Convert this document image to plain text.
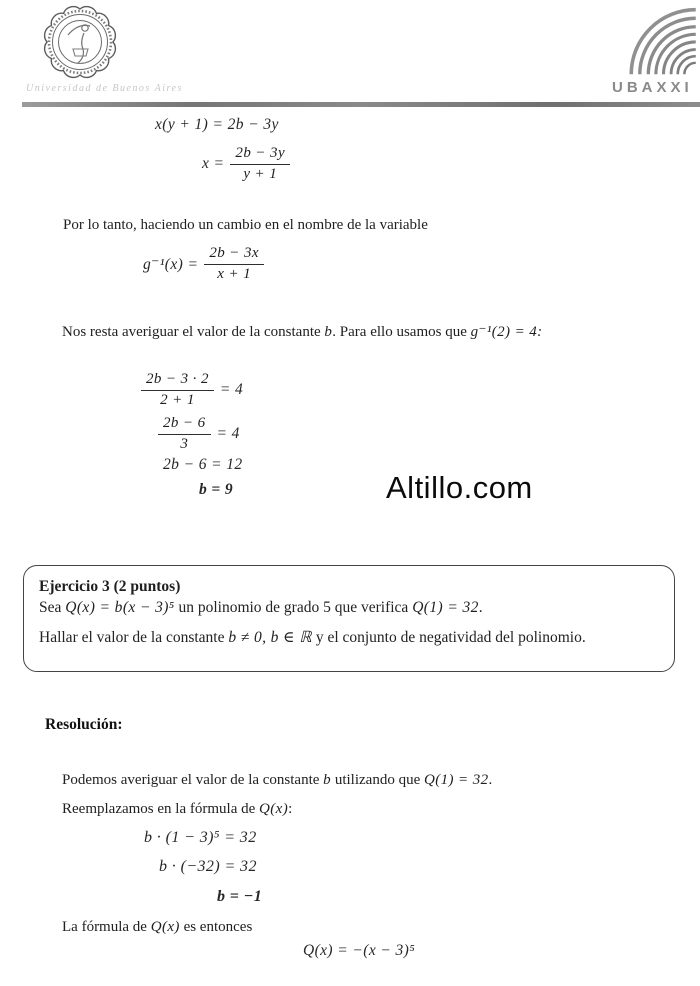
Universidad de Buenos Aires	UBAXXI
x(y + 1) = 2b − 3y
$x = \frac{2b - 3y}{y + 1}$
Por lo tanto, haciendo un cambio en el nombre de la variable
$g^{-1}(x) = \frac{2b - 3x}{x + 1}$
Nos resta averiguar el valor de la constante b. Para ello usamos que g⁻¹(2) = 4:
$\frac{2b - 3 \cdot 2}{2 + 1} = 4$
$\frac{2b - 6}{3} = 4$
2b − 6 = 12
b = 9	Altillo.com
Ejercicio 3 (2 puntos)
Sea Q(x) = b(x − 3)⁵ un polinomio de grado 5 que verifica Q(1) = 32.
Hallar el valor de la constante b ≠ 0, b ∈ ℝ y el conjunto de negatividad del polinomio.
Resolución:
Podemos averiguar el valor de la constante b utilizando que Q(1) = 32.
Reemplazamos en la fórmula de Q(x):
b · (1 − 3)⁵ = 32
b · (−32) = 32
b = −1
La fórmula de Q(x) es entonces
Q(x) = −(x − 3)⁵
